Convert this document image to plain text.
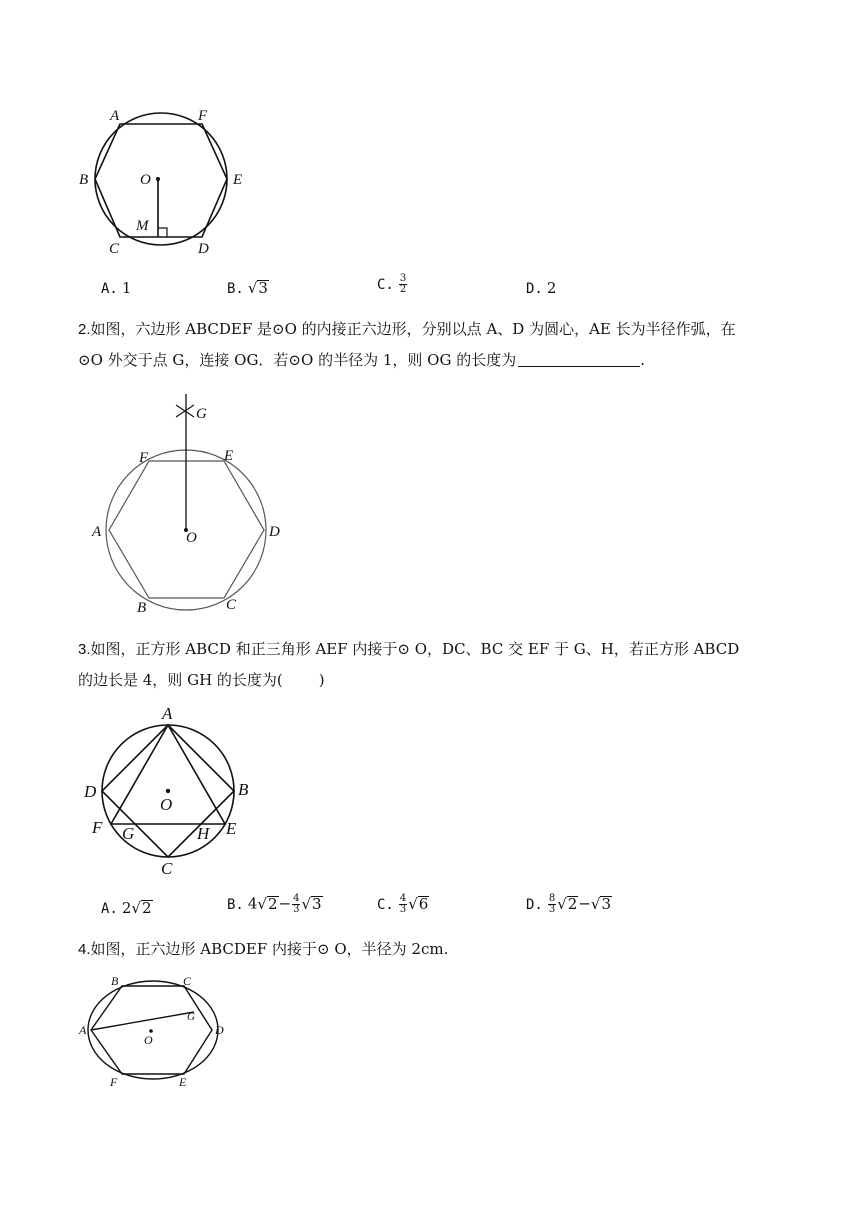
A	F
B	O	E
M
C	D
A. 1	B. √3	C. $\frac{3}{2}$	D. 2
2.如图，六边形 ABCDEF 是⊙O 的内接正六边形，分别以点 A、D 为圆心，AE 长为半径作弧，在
⊙O 外交于点 G，连接 OG．若⊙O 的半径为 1，则 OG 的长度为	.
G
F	E
A	O	D
B	C
3.如图，正方形 ABCD 和正三角形 AEF 内接于⊙ O，DC、BC 交 EF 于 G、H，若正方形 ABCD
的边长是 4，则 GH 的长度为( )
A
D
O
B
F G	H E
C
A. 2√2	B. $4√2- \frac{4}{3} √3$	C. $\frac{4}{3} √6$	D. $\frac{8}{3} √2-√3$
4.如图，正六边形 ABCDEF 内接于⊙ O，半径为 2cm.
B	C
G
A	D
O
F	E
